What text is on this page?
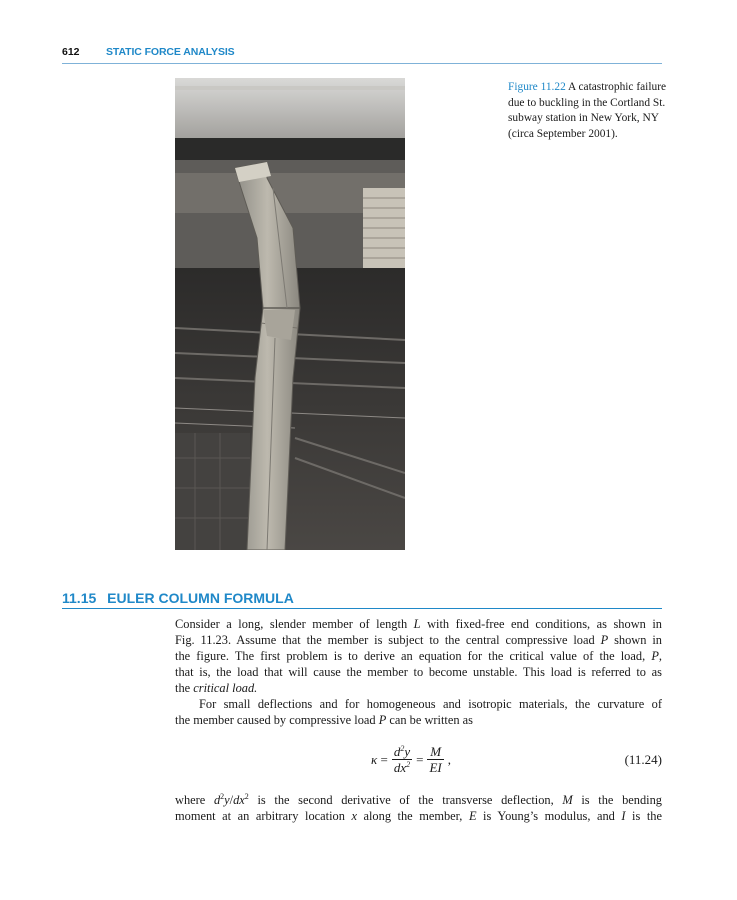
612	STATIC FORCE ANALYSIS
Figure 11.22 A catastrophic failure due to buckling in the Cortland St. subway station in New York, NY (circa September 2001).
11.15 EULER COLUMN FORMULA
Consider a long, slender member of length L with fixed-free end conditions, as shown in
Fig. 11.23. Assume that the member is subject to the central compressive load P shown in
the figure. The first problem is to derive an equation for the critical value of the load, P,
that is, the load that will cause the member to become unstable. This load is referred to as
the critical load.
For small deflections and for homogeneous and isotropic materials, the curvature of
the member caused by compressive load P can be written as
$\kappa = \frac{d^2y}{dx^2} = \frac{M}{EI}$ ,	(11.24)
where $d^2y/dx^2$ is the second derivative of the transverse deflection, M is the bending
moment at an arbitrary location x along the member, E is Young’s modulus, and I is the
